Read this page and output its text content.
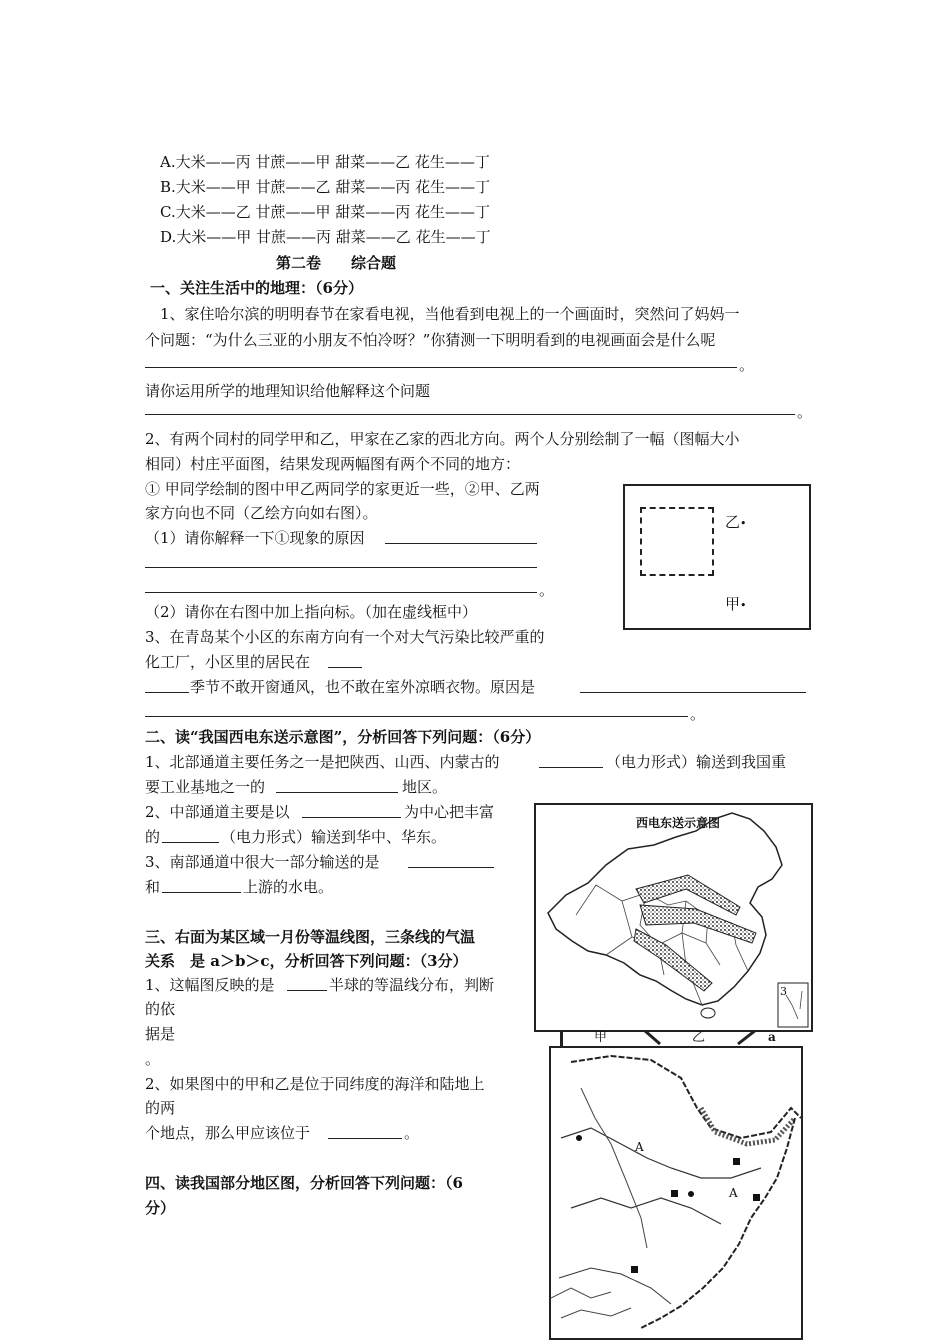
A.大米——丙 甘蔗——甲 甜菜——乙 花生——丁
B.大米——甲 甘蔗——乙 甜菜——丙 花生——丁
C.大米——乙 甘蔗——甲 甜菜——丙 花生——丁
D.大米——甲 甘蔗——丙 甜菜——乙 花生——丁
第二卷　　综合题
一、关注生活中的地理：（6分）
1、家住哈尔滨的明明春节在家看电视，当他看到电视上的一个画面时，突然问了妈妈一
个问题：“为什么三亚的小朋友不怕冷呀？”你猜测一下明明看到的电视画面会是什么呢
。
请你运用所学的地理知识给他解释这个问题
。
2、有两个同村的同学甲和乙，甲家在乙家的西北方向。两个人分别绘制了一幅（图幅大小
相同）村庄平面图，结果发现两幅图有两个不同的地方：
① 甲同学绘制的图中甲乙两同学的家更近一些，②甲、乙两
家方向也不同（乙绘方向如右图）。
（1）请你解释一下①现象的原因
。
（2）请你在右图中加上指向标。（加在虚线框中）
乙•
甲•
3、在青岛某个小区的东南方向有一个对大气污染比较严重的
化工厂，小区里的居民在
季节不敢开窗通风，也不敢在室外凉晒衣物。原因是
。
二、读“我国西电东送示意图”，分析回答下列问题：（6分）
1、北部通道主要任务之一是把陕西、山西、内蒙古的	（电力形式）输送到我国重
要工业基地之一的	地区。
2、中部通道主要是以	为中心把丰富
的	（电力形式）输送到华中、华东。
3、南部通道中很大一部分输送的是
和	上游的水电。
西电东送示意图
3
三、右面为某区域一月份等温线图，三条线的气温
关系　是 a＞b＞c，分析回答下列问题：（3分）
1、这幅图反映的是	半球的等温线分布，判断
的依
据是
。
2、如果图中的甲和乙是位于同纬度的海洋和陆地上
的两
个地点，那么甲应该位于	。
甲	乙	a
四、读我国部分地区图，分析回答下列问题：（6
分）
A
A
